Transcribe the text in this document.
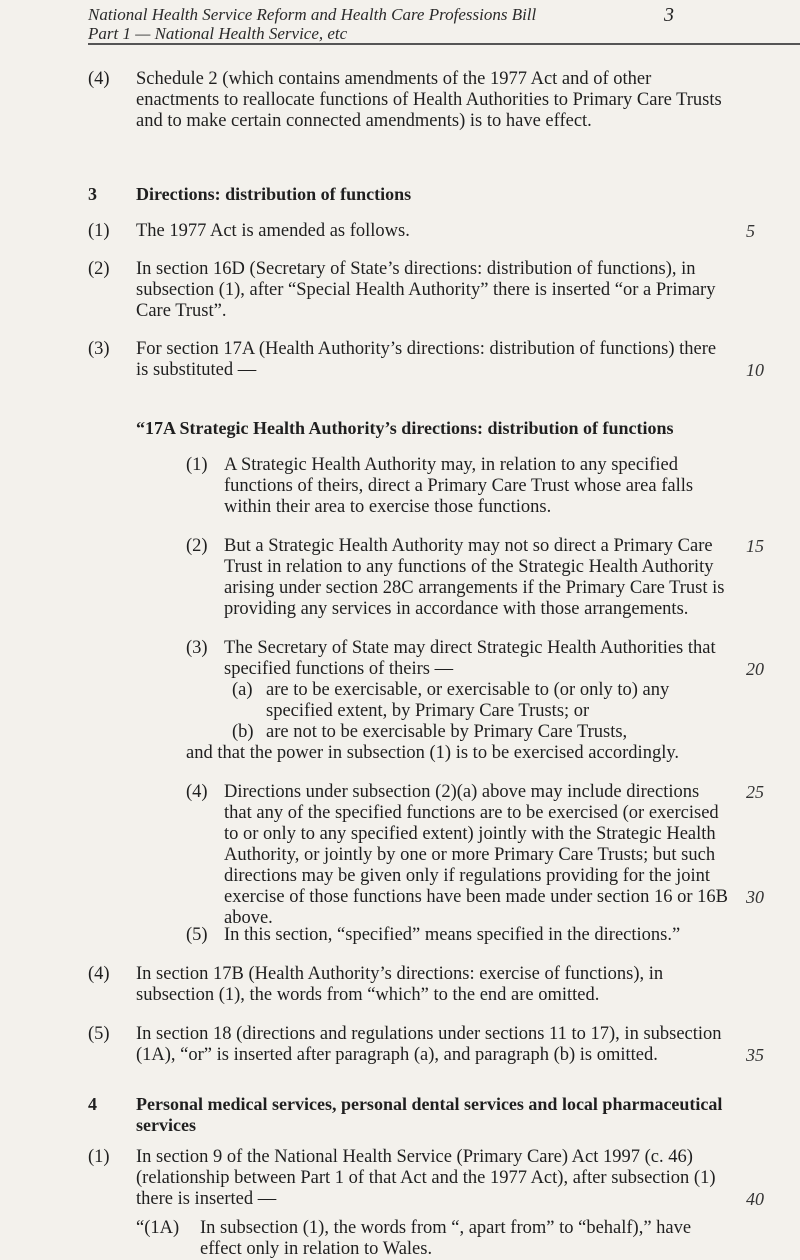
National Health Service Reform and Health Care Professions Bill
Part 1 — National Health Service, etc
3
(4) Schedule 2 (which contains amendments of the 1977 Act and of other enactments to reallocate functions of Health Authorities to Primary Care Trusts and to make certain connected amendments) is to have effect.
3 Directions: distribution of functions
(1) The 1977 Act is amended as follows.
(2) In section 16D (Secretary of State’s directions: distribution of functions), in subsection (1), after “Special Health Authority” there is inserted “or a Primary Care Trust”.
(3) For section 17A (Health Authority’s directions: distribution of functions) there is substituted —
“17A Strategic Health Authority’s directions: distribution of functions
(1) A Strategic Health Authority may, in relation to any specified functions of theirs, direct a Primary Care Trust whose area falls within their area to exercise those functions.
(2) But a Strategic Health Authority may not so direct a Primary Care Trust in relation to any functions of the Strategic Health Authority arising under section 28C arrangements if the Primary Care Trust is providing any services in accordance with those arrangements.
(3) The Secretary of State may direct Strategic Health Authorities that specified functions of theirs —
(a) are to be exercisable, or exercisable to (or only to) any specified extent, by Primary Care Trusts; or
(b) are not to be exercisable by Primary Care Trusts,
and that the power in subsection (1) is to be exercised accordingly.
(4) Directions under subsection (2)(a) above may include directions that any of the specified functions are to be exercised (or exercised to or only to any specified extent) jointly with the Strategic Health Authority, or jointly by one or more Primary Care Trusts; but such directions may be given only if regulations providing for the joint exercise of those functions have been made under section 16 or 16B above.
(5) In this section, “specified” means specified in the directions.”
(4) In section 17B (Health Authority’s directions: exercise of functions), in subsection (1), the words from “which” to the end are omitted.
(5) In section 18 (directions and regulations under sections 11 to 17), in subsection (1A), “or” is inserted after paragraph (a), and paragraph (b) is omitted.
4 Personal medical services, personal dental services and local pharmaceutical services
(1) In section 9 of the National Health Service (Primary Care) Act 1997 (c. 46) (relationship between Part 1 of that Act and the 1977 Act), after subsection (1) there is inserted —
“(1A) In subsection (1), the words from “, apart from” to “behalf),” have effect only in relation to Wales.
5
10
15
20
25
30
35
40
